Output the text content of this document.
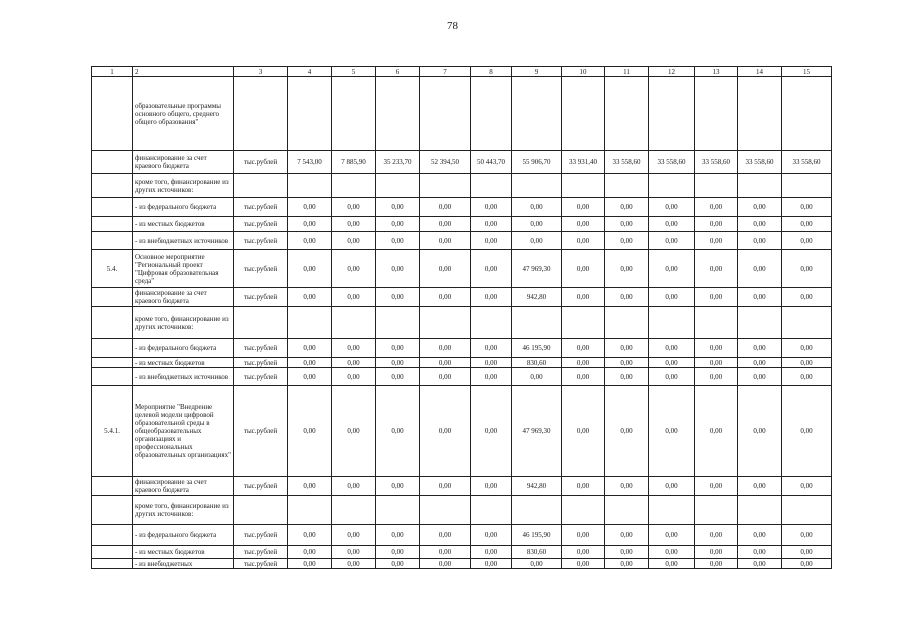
78
1	2	3	4	5	6	7	8	9	10	11	12	13	14	15
	образовательные программы основного общего, среднего общего образования"													
	финансирование за счет краевого бюджета	тыс.рублей	7 543,00	7 885,90	35 233,70	52 394,50	50 443,70	55 906,70	33 931,40	33 558,60	33 558,60	33 558,60	33 558,60	33 558,60
	кроме того, финансирование из других источников:													
	- из федерального бюджета	тыс.рублей	0,00	0,00	0,00	0,00	0,00	0,00	0,00	0,00	0,00	0,00	0,00	0,00
	- из местных бюджетов	тыс.рублей	0,00	0,00	0,00	0,00	0,00	0,00	0,00	0,00	0,00	0,00	0,00	0,00
	- из внебюджетных источников	тыс.рублей	0,00	0,00	0,00	0,00	0,00	0,00	0,00	0,00	0,00	0,00	0,00	0,00
5.4.	Основное мероприятие "Региональный проект "Цифровая образовательная среда"	тыс.рублей	0,00	0,00	0,00	0,00	0,00	47 969,30	0,00	0,00	0,00	0,00	0,00	0,00
	финансирование за счет краевого бюджета	тыс.рублей	0,00	0,00	0,00	0,00	0,00	942,80	0,00	0,00	0,00	0,00	0,00	0,00
	кроме того, финансирование из других источников:													
	- из федерального бюджета	тыс.рублей	0,00	0,00	0,00	0,00	0,00	46 195,90	0,00	0,00	0,00	0,00	0,00	0,00
	- из местных бюджетов	тыс.рублей	0,00	0,00	0,00	0,00	0,00	830,60	0,00	0,00	0,00	0,00	0,00	0,00
	- из внебюджетных источников	тыс.рублей	0,00	0,00	0,00	0,00	0,00	0,00	0,00	0,00	0,00	0,00	0,00	0,00
5.4.1.	Мероприятие "Внедрение целевой модели цифровой образовательной среды в общеобразовательных организациях и профессиональных образовательных организациях"	тыс.рублей	0,00	0,00	0,00	0,00	0,00	47 969,30	0,00	0,00	0,00	0,00	0,00	0,00
	финансирование за счет краевого бюджета	тыс.рублей	0,00	0,00	0,00	0,00	0,00	942,80	0,00	0,00	0,00	0,00	0,00	0,00
	кроме того, финансирование из других источников:													
	- из федерального бюджета	тыс.рублей	0,00	0,00	0,00	0,00	0,00	46 195,90	0,00	0,00	0,00	0,00	0,00	0,00
	- из местных бюджетов	тыс.рублей	0,00	0,00	0,00	0,00	0,00	830,60	0,00	0,00	0,00	0,00	0,00	0,00
	- из внебюджетных	тыс.рублей	0,00	0,00	0,00	0,00	0,00	0,00	0,00	0,00	0,00	0,00	0,00	0,00
